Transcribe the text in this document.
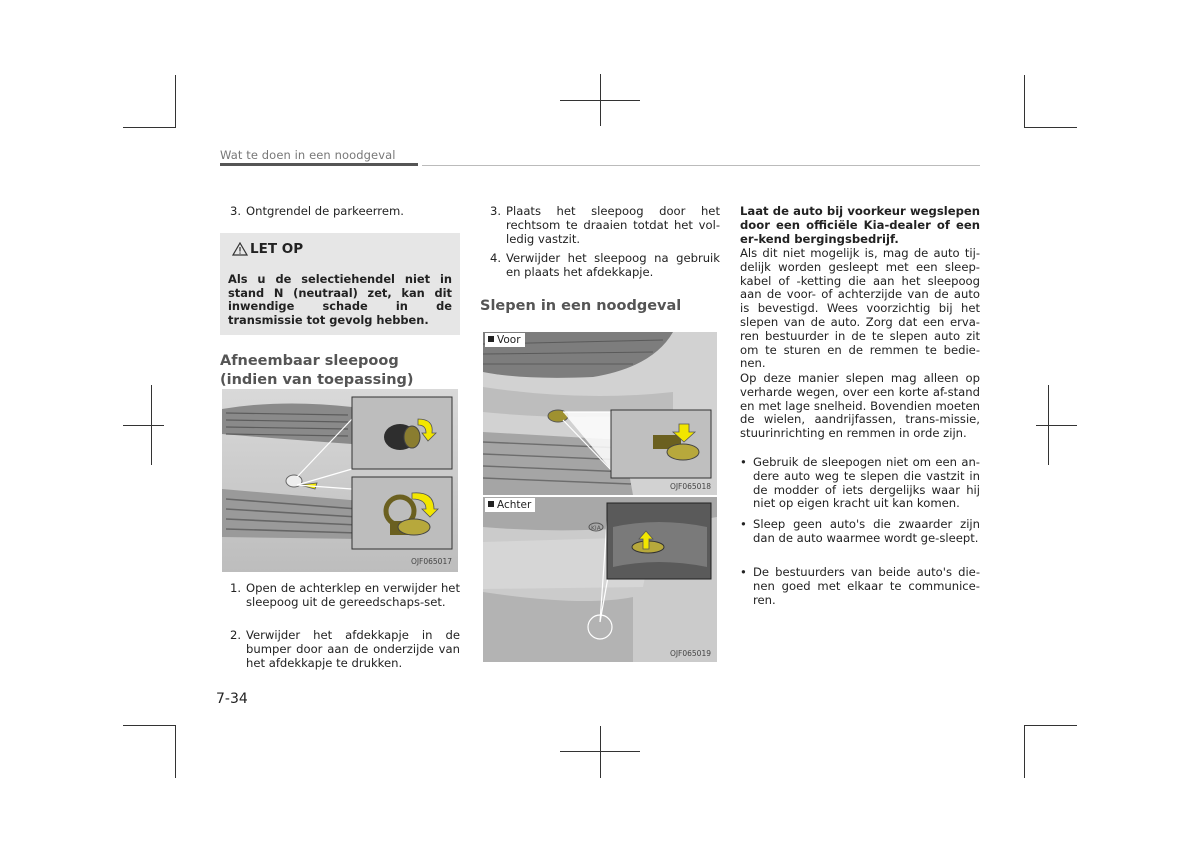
Wat te doen in een noodgeval
3. Ontgrendel de parkeerrem.
LET OP
Als u de selectiehendel niet in stand N (neutraal) zet, kan dit inwendige schade in de transmissie tot gevolg hebben.
Afneembaar sleepoog (indien van toepassing)
OJF065017
1. Open de achterklep en verwijder het sleepoog uit de gereedschaps-set.
2. Verwijder het afdekkapje in de bumper door aan de onderzijde van het afdekkapje te drukken.
7-34
3. Plaats het sleepoog door het rechtsom te draaien totdat het vol-ledig vastzit.
4. Verwijder het sleepoog na gebruik en plaats het afdekkapje.
Slepen in een noodgeval
Voor
OJF065018
KIA
Achter
OJF065019
Laat de auto bij voorkeur wegslepen door een officiële Kia-dealer of een er-kend bergingsbedrijf.
Als dit niet mogelijk is, mag de auto tij-delijk worden gesleept met een sleep-kabel of -ketting die aan het sleepoog aan de voor- of achterzijde van de auto is bevestigd. Wees voorzichtig bij het slepen van de auto. Zorg dat een erva-ren bestuurder in de te slepen auto zit om te sturen en de remmen te bedie-nen.
Op deze manier slepen mag alleen op verharde wegen, over een korte af-stand en met lage snelheid. Bovendien moeten de wielen, aandrijfassen, trans-missie, stuurinrichting en remmen in orde zijn.
• Gebruik de sleepogen niet om een an-dere auto weg te slepen die vastzit in de modder of iets dergelijks waar hij niet op eigen kracht uit kan komen.
• Sleep geen auto's die zwaarder zijn dan de auto waarmee wordt ge-sleept.
• De bestuurders van beide auto's die-nen goed met elkaar te communice-ren.
